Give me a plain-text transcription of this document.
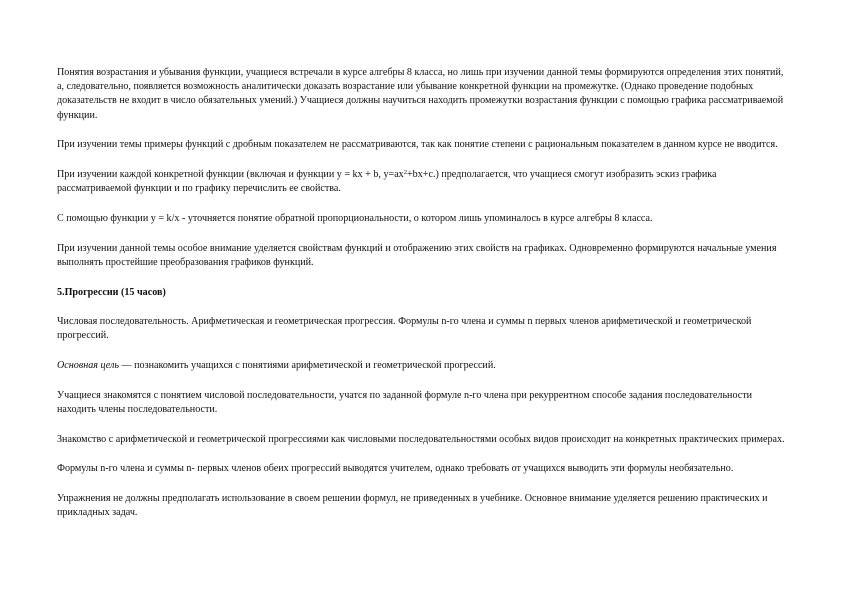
Понятия возрастания и убывания функции, учащиеся встречали в курсе алгебры 8 класса, но лишь при изучении данной темы формируются определения этих понятий, а, следовательно, появляется возможность аналитически доказать возрастание или убывание конкретной функции на промежутке. (Однако проведение подобных доказательств не входит в число обязательных умений.) Учащиеся должны научиться находить промежутки возрастания функции с помощью графика рассматриваемой функции.

При изучении темы примеры функций с дробным показателем не рассматриваются, так как понятие степени с рациональным показателем в данном курсе не вводится.

При изучении каждой конкретной функции (включая и функции у = kx + b, $y=ax^2+bx+c$.) предполагается, что учащиеся смогут изобразить эскиз графика рассматриваемой функции и по графику перечислить ее свойства.

С помощью функции у = k/x - уточняется понятие обратной пропорциональности, о котором лишь упоминалось в курсе алгебры 8 класса.

При изучении данной темы особое внимание уделяется свойствам функций и отображению этих свойств на графиках. Одновременно формируются начальные умения выполнять простейшие преобразования графиков функций.

5.Прогрессии (15 часов)

Числовая последовательность. Арифметическая и геометрическая прогрессия. Формулы n-го члена и суммы n первых членов арифметической и геометрической прогрессий.

Основная цель — познакомить учащихся с понятиями арифметической и геометрической прогрессий.

Учащиеся знакомятся с понятием числовой последовательности, учатся по заданной формуле n-го члена при рекуррентном способе задания последовательности находить члены последовательности.

Знакомство с арифметической и геометрической прогрессиями как числовыми последовательностями особых видов происходит на конкретных практических примерах.

Формулы n-го члена и суммы n- первых членов обеих прогрессий выводятся учителем, однако требовать от учащихся выводить эти формулы необязательно.

Упражнения не должны предполагать использование в своем решении формул, не приведенных в учебнике. Основное внимание уделяется решению практических и прикладных задач.
